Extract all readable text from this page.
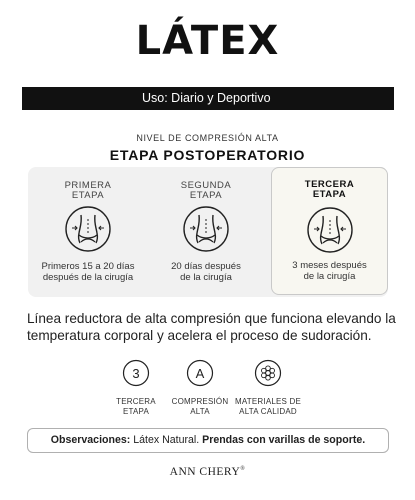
LÁTEX
Uso: Diario y Deportivo
NIVEL DE COMPRESIÓN ALTA
ETAPA POSTOPERATORIO
PRIMERA
ETAPA
Primeros 15 a 20 días
después de la cirugía
SEGUNDA
ETAPA
20 días después
de la cirugía
TERCERA
ETAPA
3 meses después
de la cirugía
Línea reductora de alta compresión que funciona elevando la temperatura corporal y acelera el proceso de sudoración.
3
TERCERA
ETAPA
A
COMPRESIÓN
ALTA
MATERIALES DE
ALTA CALIDAD
Observaciones: Látex Natural. Prendas con varillas de soporte.
ANN CHERY®
